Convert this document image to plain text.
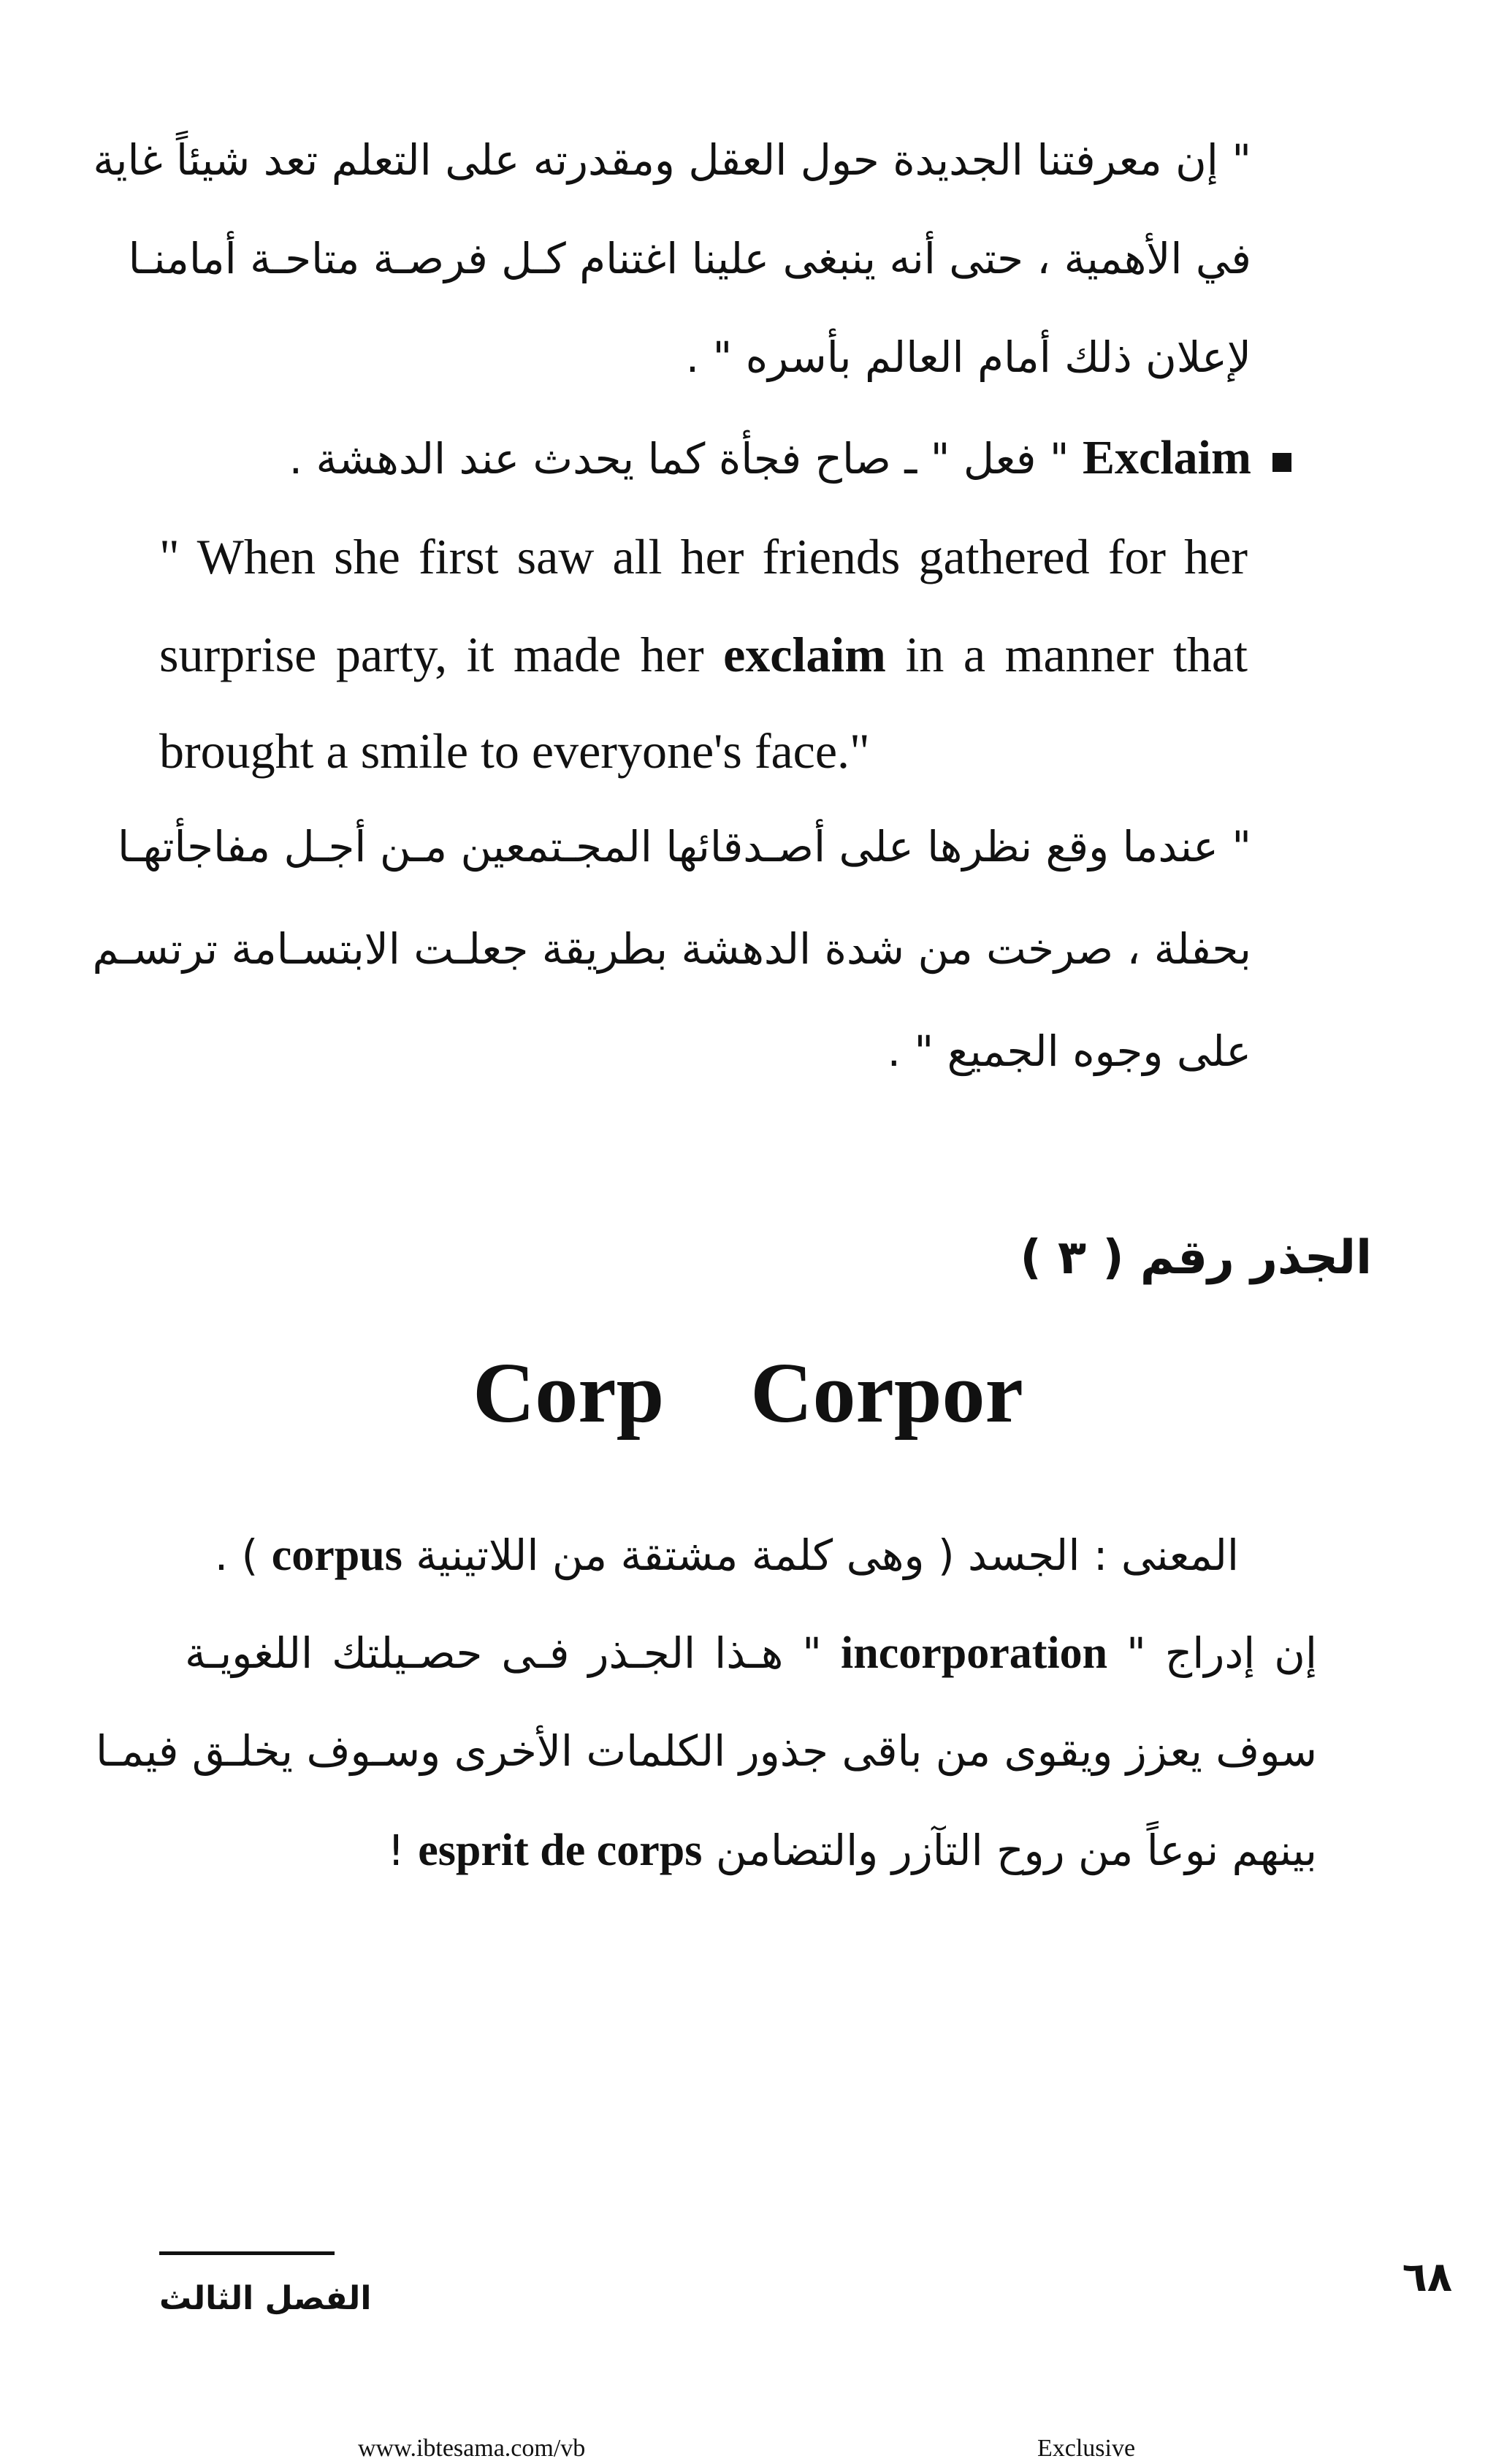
" إن معرفتنا الجديدة حول العقل ومقدرته على التعلم تعد شيئاً غاية
في الأهمية ، حتى أنه ينبغى علينا اغتنام كـل فرصـة متاحـة أمامنـا
لإعلان ذلك أمام العالم بأسره " .
Exclaim " فعل " ـ صاح فجأة كما يحدث عند الدهشة .
" When she first saw all her friends gathered for her
surprise party, it made her exclaim in a manner that
brought a smile to everyone's face."
" عندما وقع نظرها على أصـدقائها المجـتمعين مـن أجـل مفاجأتهـا
بحفلة ، صرخت من شدة الدهشة بطريقة جعلـت الابتسـامة ترتسـم
على وجوه الجميع " .
الجذر رقم ( ٣ )
Corp    Corpor
المعنى : الجسد ( وهى كلمة مشتقة من اللاتينية corpus ) .
إن إدراج " incorporation " هـذا الجـذر فـى حصـيلتك اللغويـة
سوف يعزز ويقوى من باقى جذور الكلمات الأخرى وسـوف يخلـق فيمـا
بينهم نوعاً من روح التآزر والتضامن esprit de corps !
الفصل الثالث	٦٨
www.ibtesama.com/vb	Exclusive
